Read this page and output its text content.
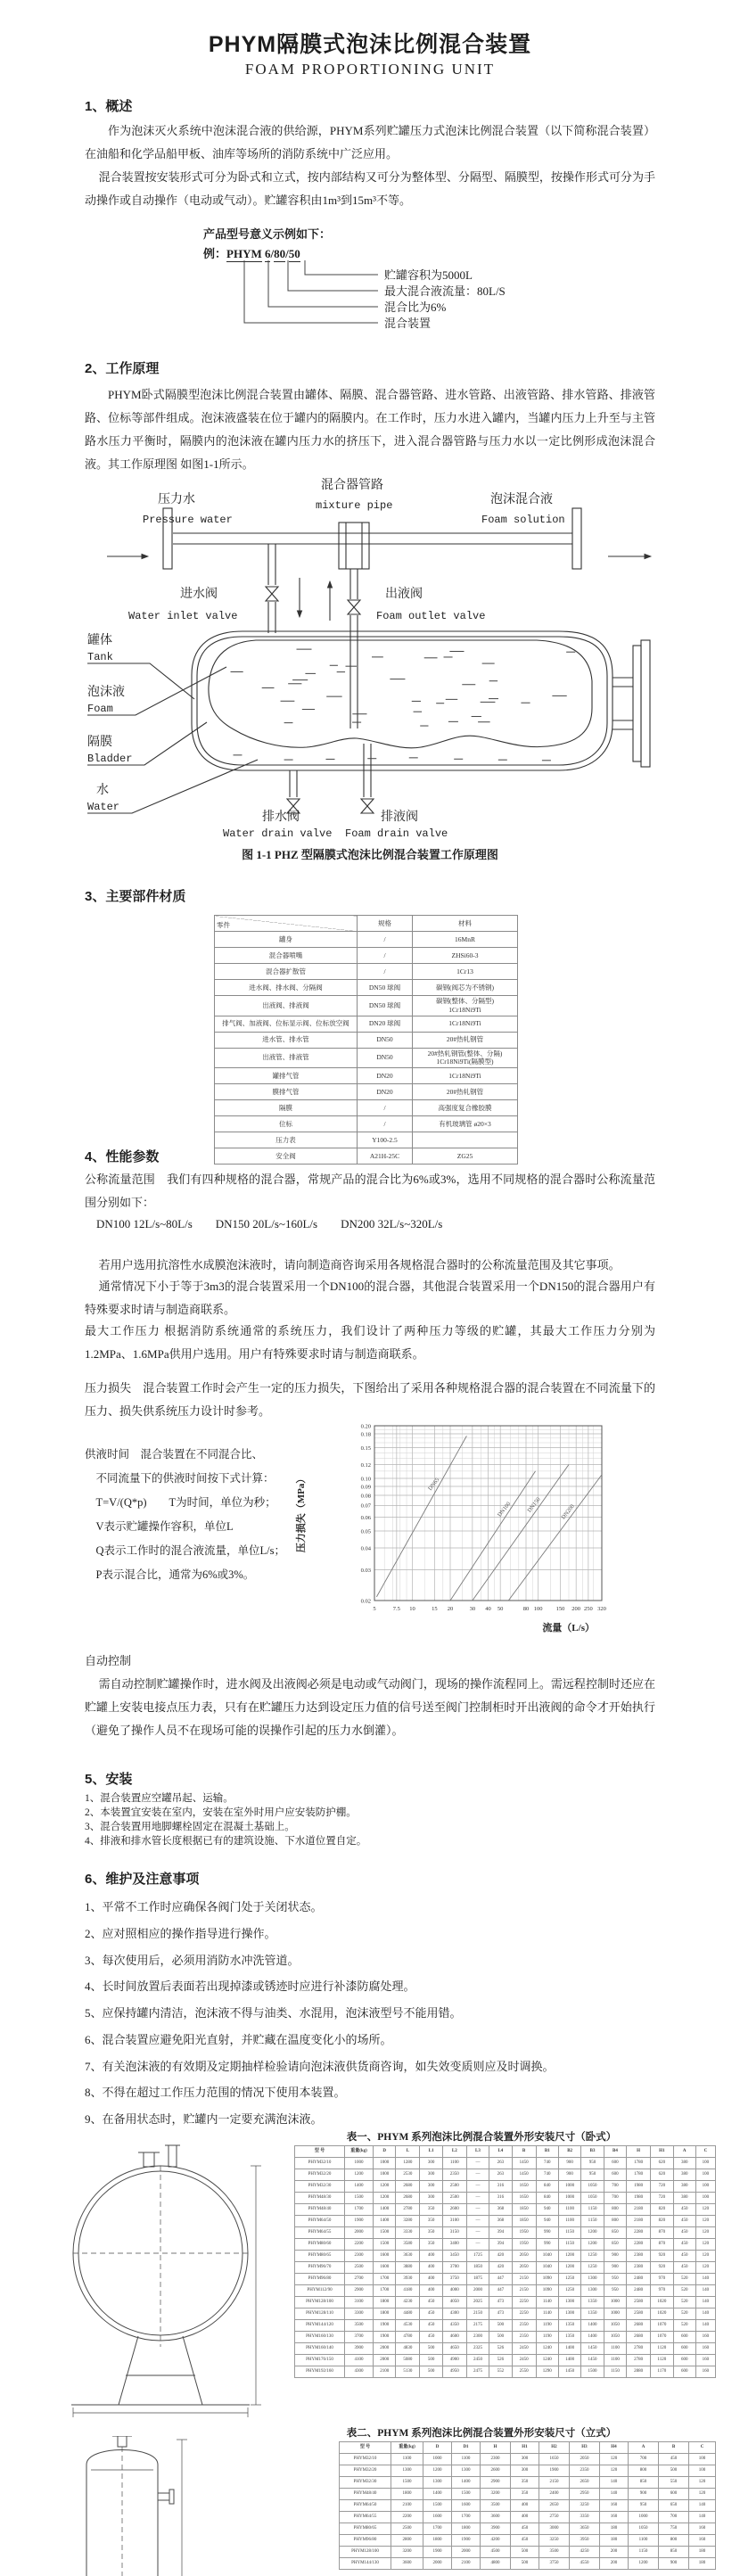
PHYM隔膜式泡沫比例混合装置
FOAM PROPORTIONING UNIT
1、概述
作为泡沫灭火系统中泡沫混合液的供给源，PHYM系列贮罐压力式泡沫比例混合装置（以下简称混合装置）在油船和化学品船甲板、油库等场所的消防系统中广泛应用。
混合装置按安装形式可分为卧式和立式，按内部结构又可分为整体型、分隔型、隔膜型，按操作形式可分为手动操作或自动操作（电动或气动）。贮罐容积由1m³到15m³不等。
产品型号意义示例如下：
例：PHYM 6/80/50
贮罐容积为5000L
最大混合液流量：80L/S
混合比为6%
混合装置
2、工作原理
PHYM卧式隔膜型泡沫比例混合装置由罐体、隔膜、混合器管路、进水管路、出液管路、排水管路、排液管路、位标等部件组成。泡沫液盛装在位于罐内的隔膜内。在工作时，压力水进入罐内，当罐内压力上升至与主管路水压力平衡时，隔膜内的泡沫液在罐内压力水的挤压下，进入混合器管路与压力水以一定比例形成泡沫混合液。其工作原理图 如图1-1所示。
压力水
Pressure water
混合器管路
mixture pipe	泡沫混合液
Foam solution
进水阀
Water inlet valve
出液阀
Foam outlet valve
罐体
Tank
泡沫液
Foam
隔膜
Bladder
水
Water
排水阀
Water drain valve
排液阀
Foam drain valve
图 1-1 PHZ 型隔膜式泡沫比例混合装置工作原理图
3、主要部件材质
零件	规格	材料
罐身	/	16MnR
混合器喷嘴	/	ZHSi60-3
混合器扩散管	/	1Cr13
进水阀、排水阀、分隔阀	DN50 球阀	碳钢(阀芯为不锈钢)
出液阀、排液阀	DN50 球阀	碳钢(整体、分隔型)
1Cr18Ni9Ti
排气阀、加液阀、位标显示阀、位标放空阀	DN20 球阀	1Cr18Ni9Ti
进水管、排水管	DN50	20#热轧钢管
出液管、排液管	DN50	20#热轧钢管(整体、分隔)
1Cr18Ni9Ti(隔膜型)
罐排气管	DN20	1Cr18Ni9Ti
膜排气管	DN20	20#热轧钢管
隔膜	/	高强度复合橡胶膜
位标	/	有机玻璃管 ø20×3
压力表	Y100-2.5	
安全阀	A21H-25C	ZG25
4、性能参数
公称流量范围　我们有四种规格的混合器，常规产品的混合比为6%或3%，选用不同规格的混合器时公称流量范围分别如下：
DN100 12L/s~80L/s　　DN150 20L/s~160L/s　　DN200 32L/s~320L/s
若用户选用抗溶性水成膜泡沫液时，请向制造商咨询采用各规格混合器时的公称流量范围及其它事项。
通常情况下小于等于3m3的混合装置采用一个DN100的混合器，其他混合装置采用一个DN150的混合器用户有特殊要求时请与制造商联系。
最大工作压力 根据消防系统通常的系统压力，我们设计了两种压力等级的贮罐，其最大工作压力分别为1.2MPa、1.6MPa供用户选用。用户有特殊要求时请与制造商联系。
压力损失　混合装置工作时会产生一定的压力损失，下图给出了采用各种规格混合器的混合装置在不同流量下的压力、损失供系统压力设计时参考。
供液时间　混合装置在不同混合比、
不同流量下的供液时间按下式计算：
T=V/(Q*p)　　T为时间，单位为秒；
V表示贮罐操作容积，单位L
Q表示工作时的混合液流量，单位L/s；
P表示混合比，通常为6%或3%。
0.02
0.03
0.04
0.05
0.06
0.07
0.08
0.09
0.10
0.12
0.15
0.18
0.20
5	7.5 10	15 20	30 40 50	80 100 150 200 250 320
DN65
DN100 DN150	DN200
流量（L/s）
压力损失（MPa）
自动控制
需自动控制贮罐操作时，进水阀及出液阀必须是电动或气动阀门，现场的操作流程同上。需远程控制时还应在贮罐上安装电接点压力表，只有在贮罐压力达到设定压力值的信号送至阀门控制柜时开出液阀的命令才开始执行（避免了操作人员不在现场可能的误操作引起的压力水倒灌）。
5、安装
1、混合装置应空罐吊起、运输。
2、本装置宜安装在室内，安装在室外时用户应安装防护棚。
3、混合装置用地脚螺栓固定在混凝土基础上。
4、排液和排水管长度根据已有的建筑设施、下水道位置自定。
6、维护及注意事项
1、平常不工作时应确保各阀门处于关闭状态。
2、应对照相应的操作指导进行操作。
3、每次使用后，必须用消防水冲洗管道。
4、长时间放置后表面若出现掉漆或锈迹时应进行补漆防腐处理。
5、应保持罐内清洁，泡沫液不得与油类、水混用，泡沫液型号不能用错。
6、混合装置应避免阳光直射，并贮藏在温度变化小的场所。
7、有关泡沫液的有效期及定期抽样检验请向泡沫液供货商咨询，如失效变质则应及时调换。
8、不得在超过工作压力范围的情况下使用本装置。
9、在备用状态时，贮罐内一定要充满泡沫液。
表一、PHYM 系列泡沫比例混合装置外形安装尺寸（卧式）
型 号	重量(kg)	D	L	L1	L2	L3	L4	B	B1	B2	B3	B4	H	H1	A	C
PHYM32/10	1000	1000	1280	300	1100	—	263	1450	740	900	950	600	1780	620	380	100
PHYM32/20	1200	1000	2530	300	2350	—	263	1450	740	900	950	600	1780	620	380	100
PHYM32/30	1400	1200	2680	300	2500	—	316	1650	840	1000	1050	700	1980	720	380	100
PHYM48/30	1500	1200	2680	300	2500	—	316	1650	840	1000	1050	700	1980	720	380	100
PHYM48/40	1700	1400	2780	350	2600	—	368	1850	940	1100	1150	800	2180	820	450	120
PHYM64/50	1900	1400	3280	350	3100	—	368	1850	940	1100	1150	800	2180	820	450	120
PHYM64/55	2000	1500	3330	350	3150	—	394	1950	990	1150	1200	850	2280	870	450	120
PHYM80/60	2200	1500	3580	350	3400	—	394	1950	990	1150	1200	850	2280	870	450	120
PHYM80/65	2300	1600	3630	400	3450	1725	420	2050	1040	1200	1250	900	2380	920	450	120
PHYM96/70	2500	1600	3880	400	3700	1850	420	2050	1040	1200	1250	900	2380	920	450	120
PHYM96/80	2700	1700	3930	400	3750	1875	447	2150	1090	1250	1300	950	2480	970	520	140
PHYM112/90	2900	1700	4180	400	4000	2000	447	2150	1090	1250	1300	950	2480	970	520	140
PHYM128/100	3100	1800	4230	450	4050	2025	473	2250	1140	1300	1350	1000	2580	1020	520	140
PHYM128/110	3300	1800	4480	450	4300	2150	473	2250	1140	1300	1350	1000	2580	1020	520	140
PHYM144/120	3500	1900	4530	450	4350	2175	500	2350	1190	1350	1400	1050	2680	1070	520	140
PHYM160/130	3700	1900	4780	450	4600	2300	500	2350	1190	1350	1400	1050	2680	1070	600	160
PHYM160/140	3900	2000	4830	500	4650	2325	526	2450	1240	1400	1450	1100	2780	1120	600	160
PHYM176/150	4100	2000	5080	500	4900	2450	526	2450	1240	1400	1450	1100	2780	1120	600	160
PHYM192/160	4300	2100	5130	500	4950	2475	552	2550	1290	1450	1500	1150	2880	1170	600	160
表二、PHYM 系列泡沫比例混合装置外形安装尺寸（立式）
型 号	重量(kg)	D	D1	H	H1	H2	H3	H4	A	B	C
PHYM32/10	1100	1000	1100	2300	300	1650	2050	120	700	450	100
PHYM32/20	1300	1200	1300	2600	300	1900	2350	120	800	500	100
PHYM32/30	1500	1300	1400	2900	350	2150	2650	140	850	550	120
PHYM48/40	1800	1400	1500	3200	350	2400	2950	140	900	600	120
PHYM64/50	2100	1500	1600	3500	400	2650	3250	160	950	650	140
PHYM64/55	2200	1600	1700	3600	400	2750	3350	160	1000	700	140
PHYM80/65	2500	1700	1800	3900	450	3000	3650	180	1050	750	160
PHYM96/80	2800	1800	1900	4200	450	3250	3950	180	1100	800	160
PHYM128/100	3200	1900	2000	4500	500	3500	4250	200	1150	850	180
PHYM144/130	3600	2000	2100	4800	500	3750	4550	200	1200	900	180
